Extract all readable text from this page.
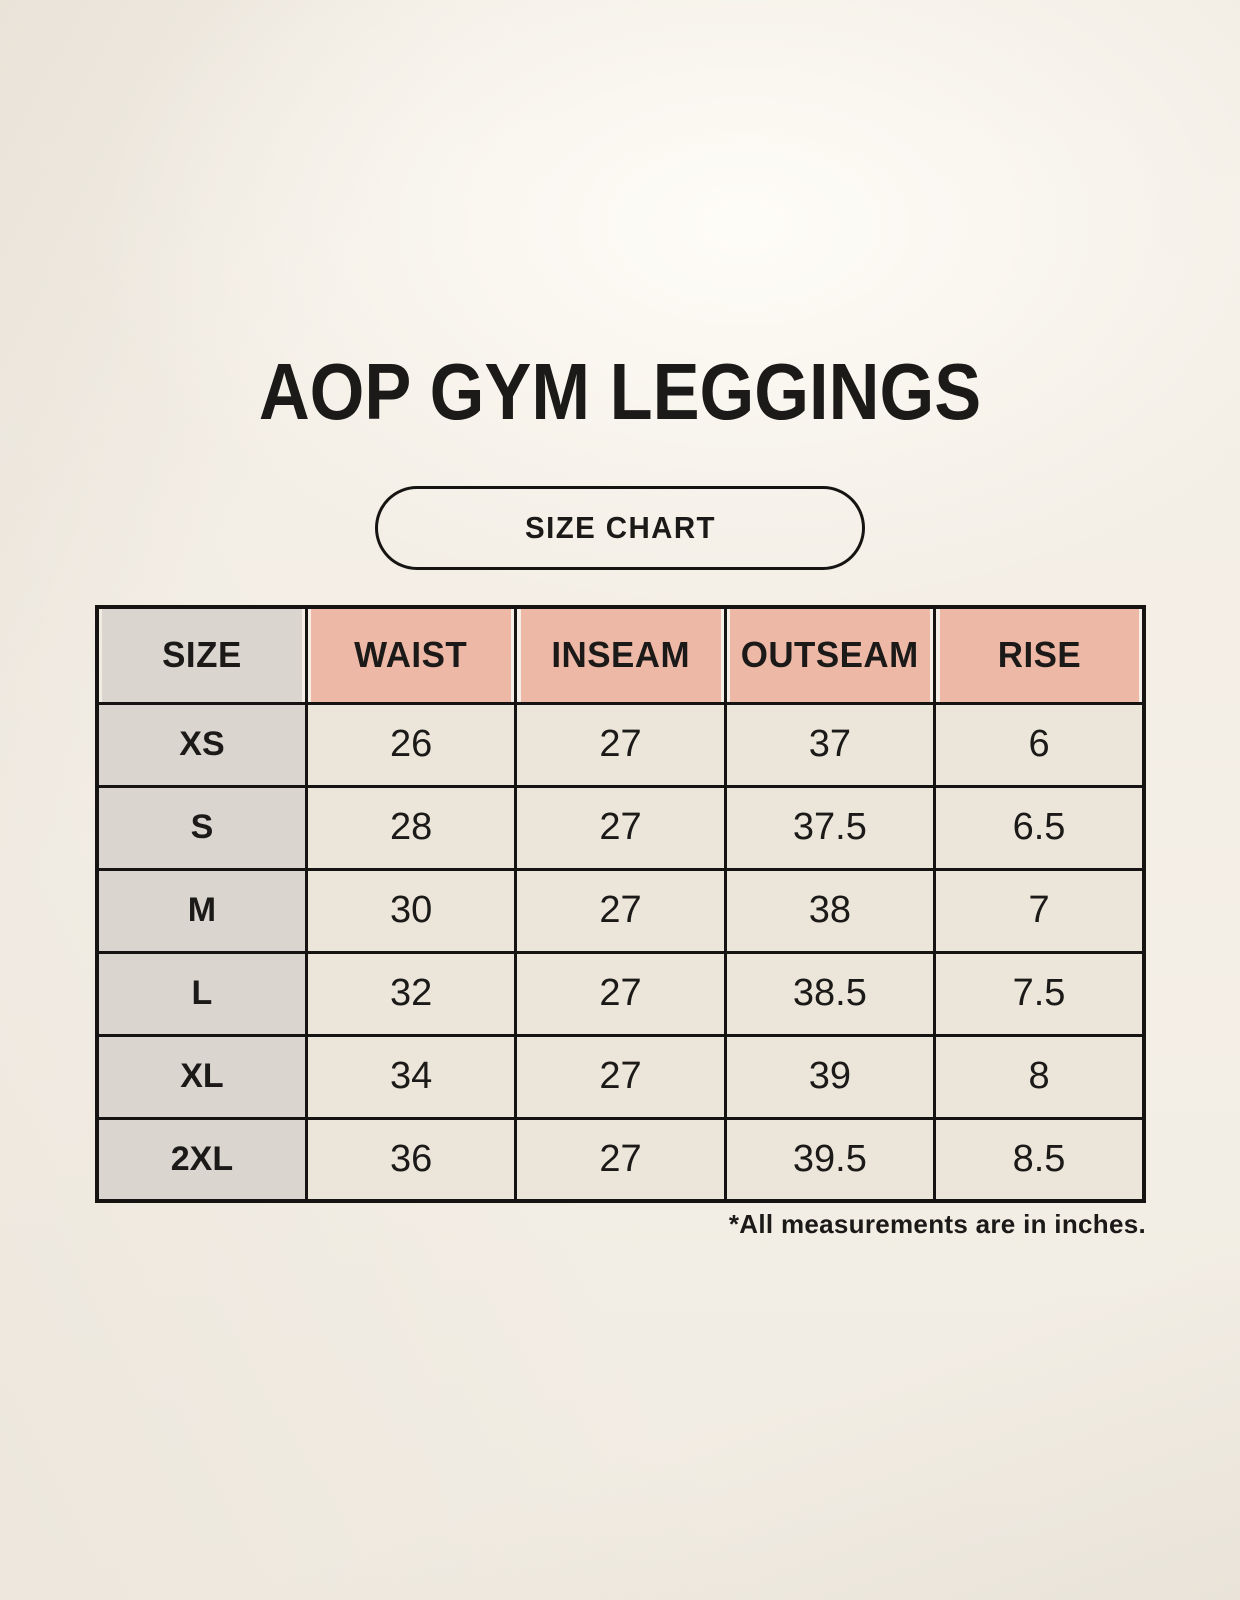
AOP GYM LEGGINGS
SIZE CHART
SIZE	WAIST	INSEAM	OUTSEAM	RISE
XS	26	27	37	6
S	28	27	37.5	6.5
M	30	27	38	7
L	32	27	38.5	7.5
XL	34	27	39	8
2XL	36	27	39.5	8.5
*All measurements are in inches.
